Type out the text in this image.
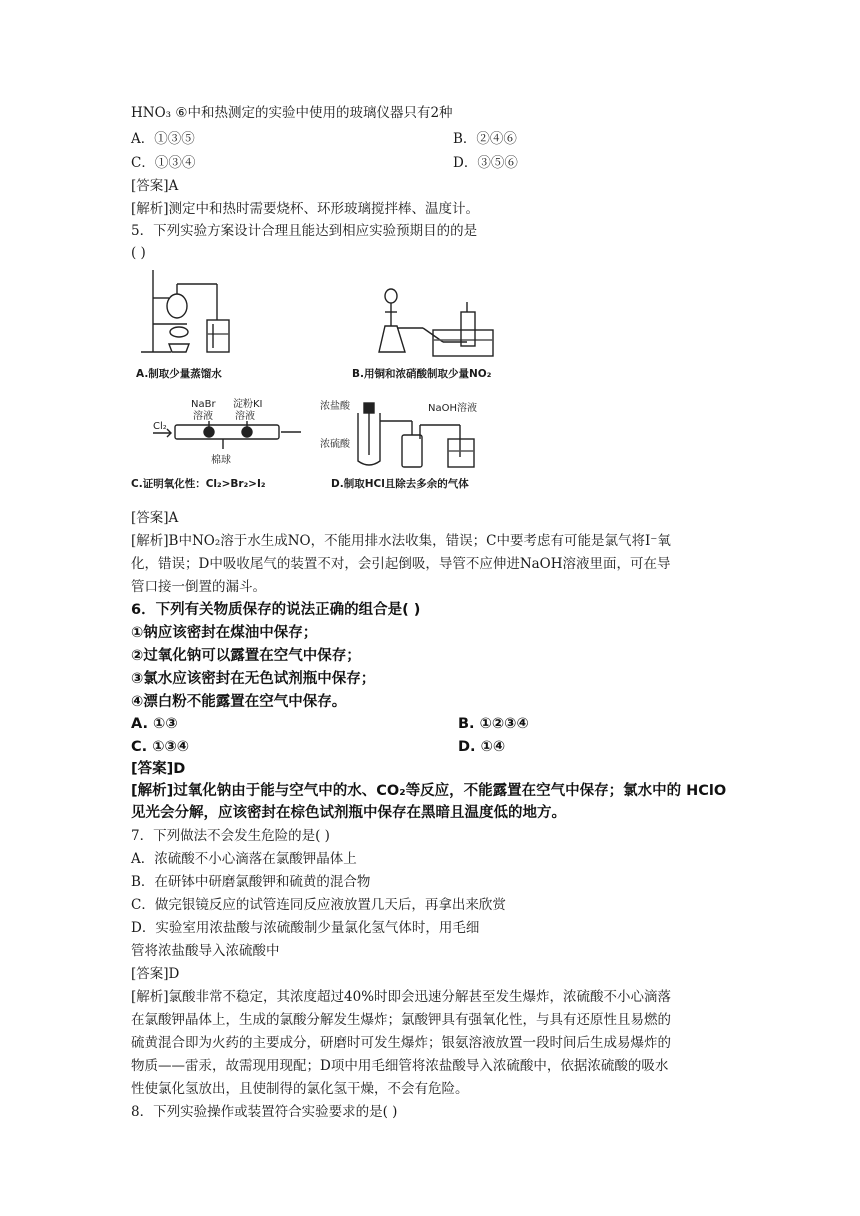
HNO₃ ⑥中和热测定的实验中使用的玻璃仪器只有2种
A．①③⑤	B．②④⑥
C．①③④	D．③⑤⑥
[答案]A
[解析]测定中和热时需要烧杯、环形玻璃搅拌棒、温度计。
5．下列实验方案设计合理且能达到相应实验预期目的的是
( )
A.制取少量蒸馏水	B.用铜和浓硝酸制取少量NO₂
Cl₂
NaBr
溶液
淀粉KI
溶液
棉球
C.证明氧化性：Cl₂>Br₂>I₂
浓盐酸
浓硫酸
NaOH溶液
D.制取HCl且除去多余的气体
[答案]A
[解析]B中NO₂溶于水生成NO，不能用排水法收集，错误；C中要考虑有可能是氯气将I⁻氧
化，错误；D中吸收尾气的装置不对，会引起倒吸，导管不应伸进NaOH溶液里面，可在导
管口接一倒置的漏斗。
6．下列有关物质保存的说法正确的组合是( )
①钠应该密封在煤油中保存；
②过氧化钠可以露置在空气中保存；
③氯水应该密封在无色试剂瓶中保存；
④漂白粉不能露置在空气中保存。
A. ①③	B. ①②③④
C. ①③④	D. ①④
[答案]D
[解析]过氧化钠由于能与空气中的水、CO₂等反应，不能露置在空气中保存；氯水中的 HClO
见光会分解，应该密封在棕色试剂瓶中保存在黑暗且温度低的地方。
7．下列做法不会发生危险的是( )
A．浓硫酸不小心滴落在氯酸钾晶体上
B．在研钵中研磨氯酸钾和硫黄的混合物
C．做完银镜反应的试管连同反应液放置几天后，再拿出来欣赏
D．实验室用浓盐酸与浓硫酸制少量氯化氢气体时，用毛细
管将浓盐酸导入浓硫酸中
[答案]D
[解析]氯酸非常不稳定，其浓度超过40%时即会迅速分解甚至发生爆炸，浓硫酸不小心滴落
在氯酸钾晶体上，生成的氯酸分解发生爆炸；氯酸钾具有强氧化性，与具有还原性且易燃的
硫黄混合即为火药的主要成分，研磨时可发生爆炸；银氨溶液放置一段时间后生成易爆炸的
物质——雷汞，故需现用现配；D项中用毛细管将浓盐酸导入浓硫酸中，依据浓硫酸的吸水
性使氯化氢放出，且使制得的氯化氢干燥，不会有危险。
8．下列实验操作或装置符合实验要求的是( )
